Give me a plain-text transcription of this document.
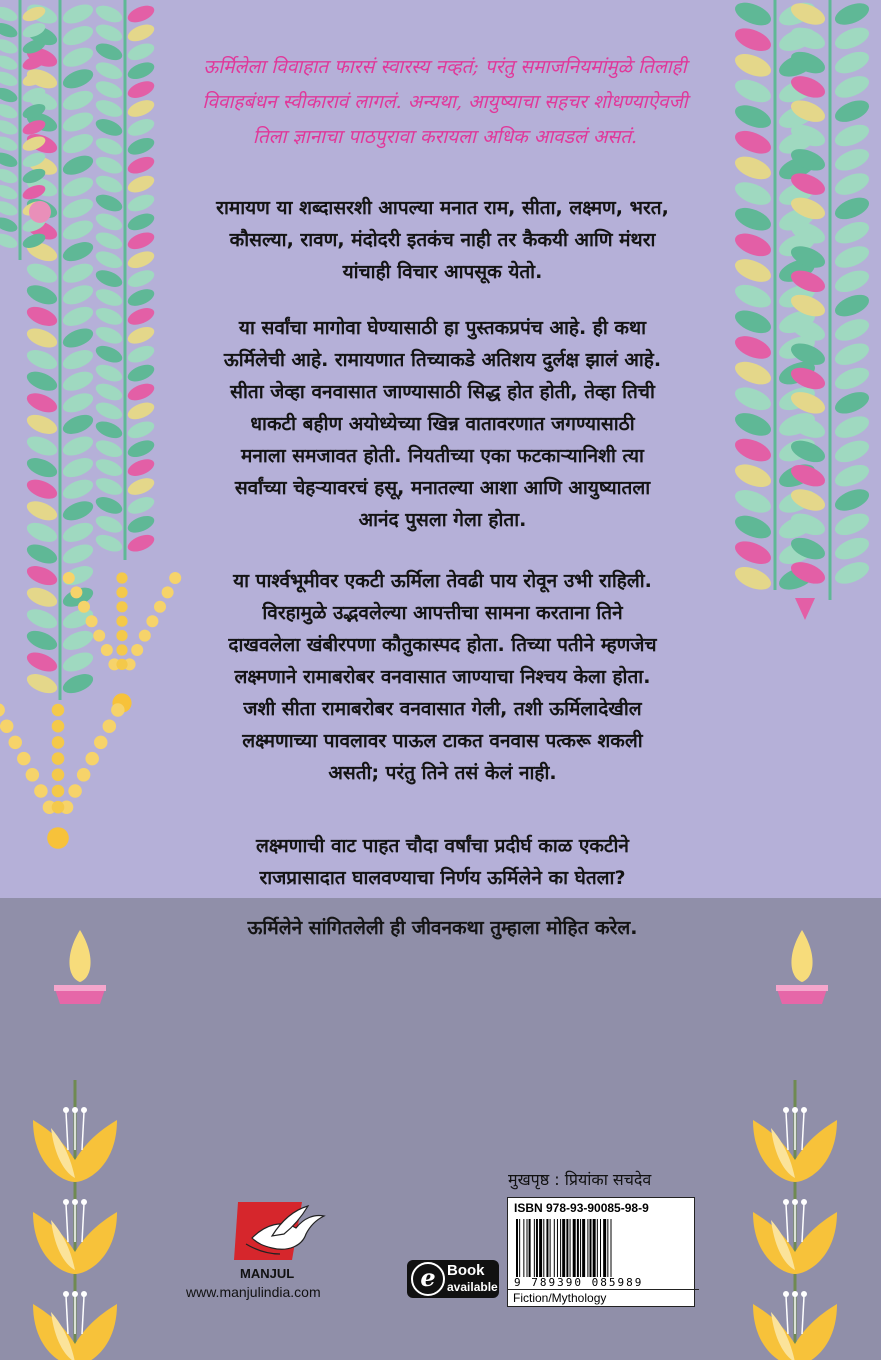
ऊर्मिलेला विवाहात फारसं स्वारस्य नव्हतं; परंतु समाजनियमांमुळे तिलाही

विवाहबंधन स्वीकारावं लागलं. अन्यथा, आयुष्याचा सहचर शोधण्याऐवजी

तिला ज्ञानाचा पाठपुरावा करायला अधिक आवडलं असतं.

रामायण या शब्दासरशी आपल्या मनात राम, सीता, लक्ष्मण, भरत,

कौसल्या, रावण, मंदोदरी इतकंच नाही तर कैकयी आणि मंथरा

यांचाही विचार आपसूक येतो.

या सर्वांचा मागोवा घेण्यासाठी हा पुस्तकप्रपंच आहे. ही कथा

ऊर्मिलेची आहे. रामायणात तिच्याकडे अतिशय दुर्लक्ष झालं आहे.

सीता जेव्हा वनवासात जाण्यासाठी सिद्ध होत होती, तेव्हा तिची

धाकटी बहीण अयोध्येच्या खिन्न वातावरणात जगण्यासाठी

मनाला समजावत होती. नियतीच्या एका फटकाऱ्यानिशी त्या

सर्वांच्या चेहऱ्यावरचं हसू, मनातल्या आशा आणि आयुष्यातला

आनंद पुसला गेला होता.

या पार्श्वभूमीवर एकटी ऊर्मिला तेवढी पाय रोवून उभी राहिली.

विरहामुळे उद्भवलेल्या आपत्तीचा सामना करताना तिने

दाखवलेला खंबीरपणा कौतुकास्पद होता. तिच्या पतीने म्हणजेच

लक्ष्मणाने रामाबरोबर वनवासात जाण्याचा निश्चय केला होता.

जशी सीता रामाबरोबर वनवासात गेली, तशी ऊर्मिलादेखील

लक्ष्मणाच्या पावलावर पाऊल टाकत वनवास पत्करू शकली

असती; परंतु तिने तसं केलं नाही.

लक्ष्मणाची वाट पाहत चौदा वर्षांचा प्रदीर्घ काळ एकटीने

राजप्रासादात घालवण्याचा निर्णय ऊर्मिलेने का घेतला?

ऊर्मिलेने सांगितलेली ही जीवनकथा तुम्हाला मोहित करेल.

मुखपृष्ठ : प्रियांका सचदेव
ISBN 978-93-90085-98-9
9 789390 085989
Fiction/Mythology
e Book
available
MANJUL
www.manjulindia.com
